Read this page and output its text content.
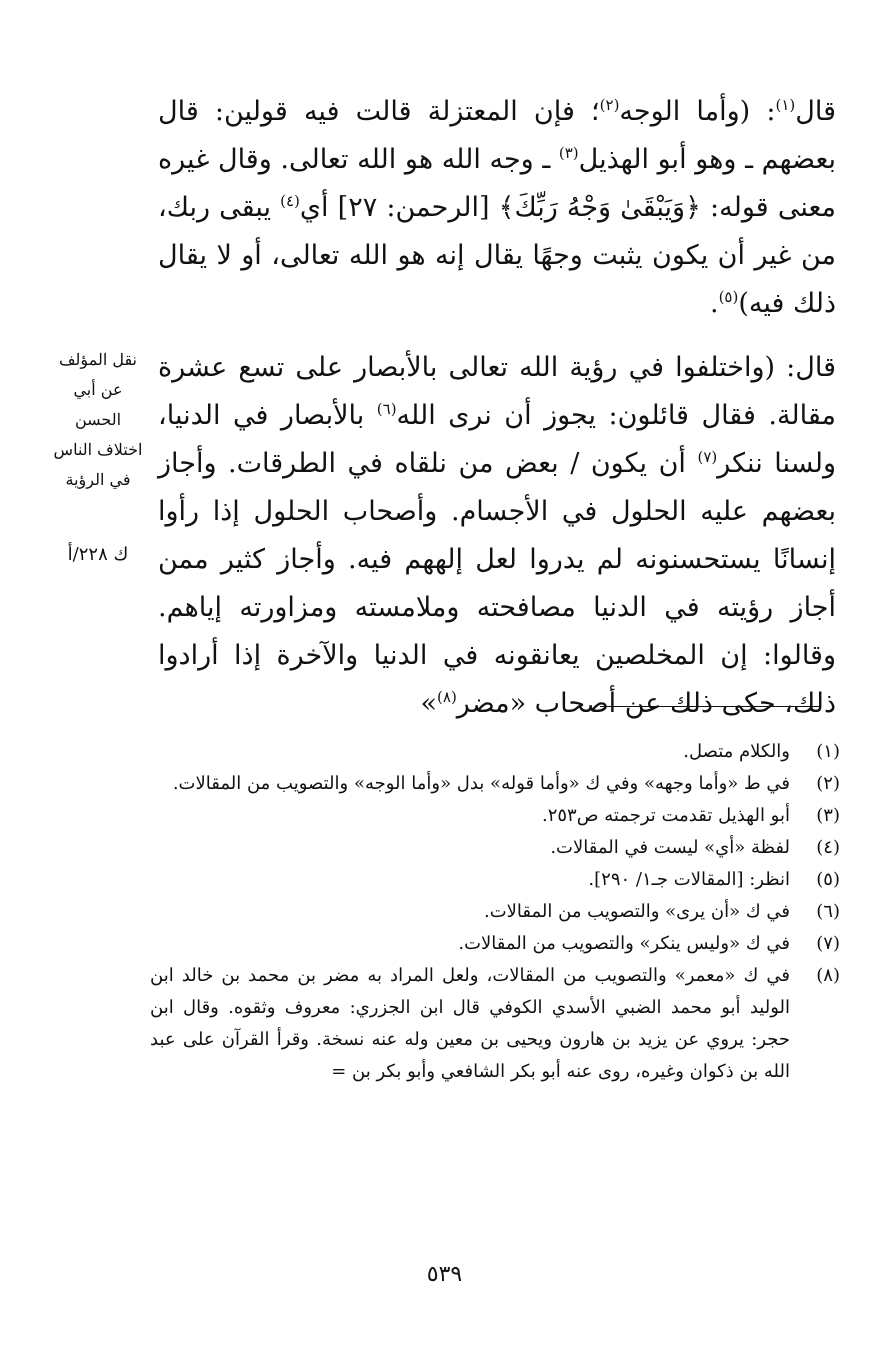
قال$^{(١)}$: (وأما الوجه$^{(٢)}$؛ فإن المعتزلة قالت فيه قولين: قال بعضهم ـ وهو أبو الهذيل$^{(٣)}$ ـ وجه الله هو الله تعالى. وقال غيره معنى قوله: ﴿وَيَبْقَىٰ وَجْهُ رَبِّكَ﴾ [الرحمن: ٢٧] أي$^{(٤)}$ يبقى ربك، من غير أن يكون يثبت وجهًا يقال إنه هو الله تعالى، أو لا يقال ذلك فيه)$^{(٥)}$.

قال: (واختلفوا في رؤية الله تعالى بالأبصار على تسع عشرة مقالة. فقال قائلون: يجوز أن نرى الله$^{(٦)}$ بالأبصار في الدنيا، ولسنا ننكر$^{(٧)}$ أن يكون / بعض من نلقاه في الطرقات. وأجاز بعضهم عليه الحلول في الأجسام. وأصحاب الحلول إذا رأوا إنسانًا يستحسنونه لم يدروا لعل إلههم فيه. وأجاز كثير ممن أجاز رؤيته في الدنيا مصافحته وملامسته ومزاورته إياهم. وقالوا: إن المخلصين يعانقونه في الدنيا والآخرة إذا أرادوا ذلك، حكى ذلك عن أصحاب «مضر$^{(٨)}$»

نقل المؤلف عن أبي الحسن اختلاف الناس في الرؤية

ك ٢٢٨/أ

(١)
والكلام متصل.
(٢)
في ط «وأما وجهه» وفي ك «وأما قوله» بدل «وأما الوجه» والتصويب من المقالات.
(٣)
أبو الهذيل تقدمت ترجمته ص٢٥٣.
(٤)
لفظة «أي» ليست في المقالات.
(٥)
انظر: [المقالات جـ١/ ٢٩٠].
(٦)
في ك «أن يرى» والتصويب من المقالات.
(٧)
في ك «وليس ينكر» والتصويب من المقالات.
(٨)
في ك «معمر» والتصويب من المقالات، ولعل المراد به مضر بن محمد بن خالد ابن الوليد أبو محمد الضبي الأسدي الكوفي قال ابن الجزري: معروف وثقوه. وقال ابن حجر: يروي عن يزيد بن هارون ويحيى بن معين وله عنه نسخة. وقرأ القرآن على عبد الله بن ذكوان وغيره، روى عنه أبو بكر الشافعي وأبو بكر بن =
٥٣٩
